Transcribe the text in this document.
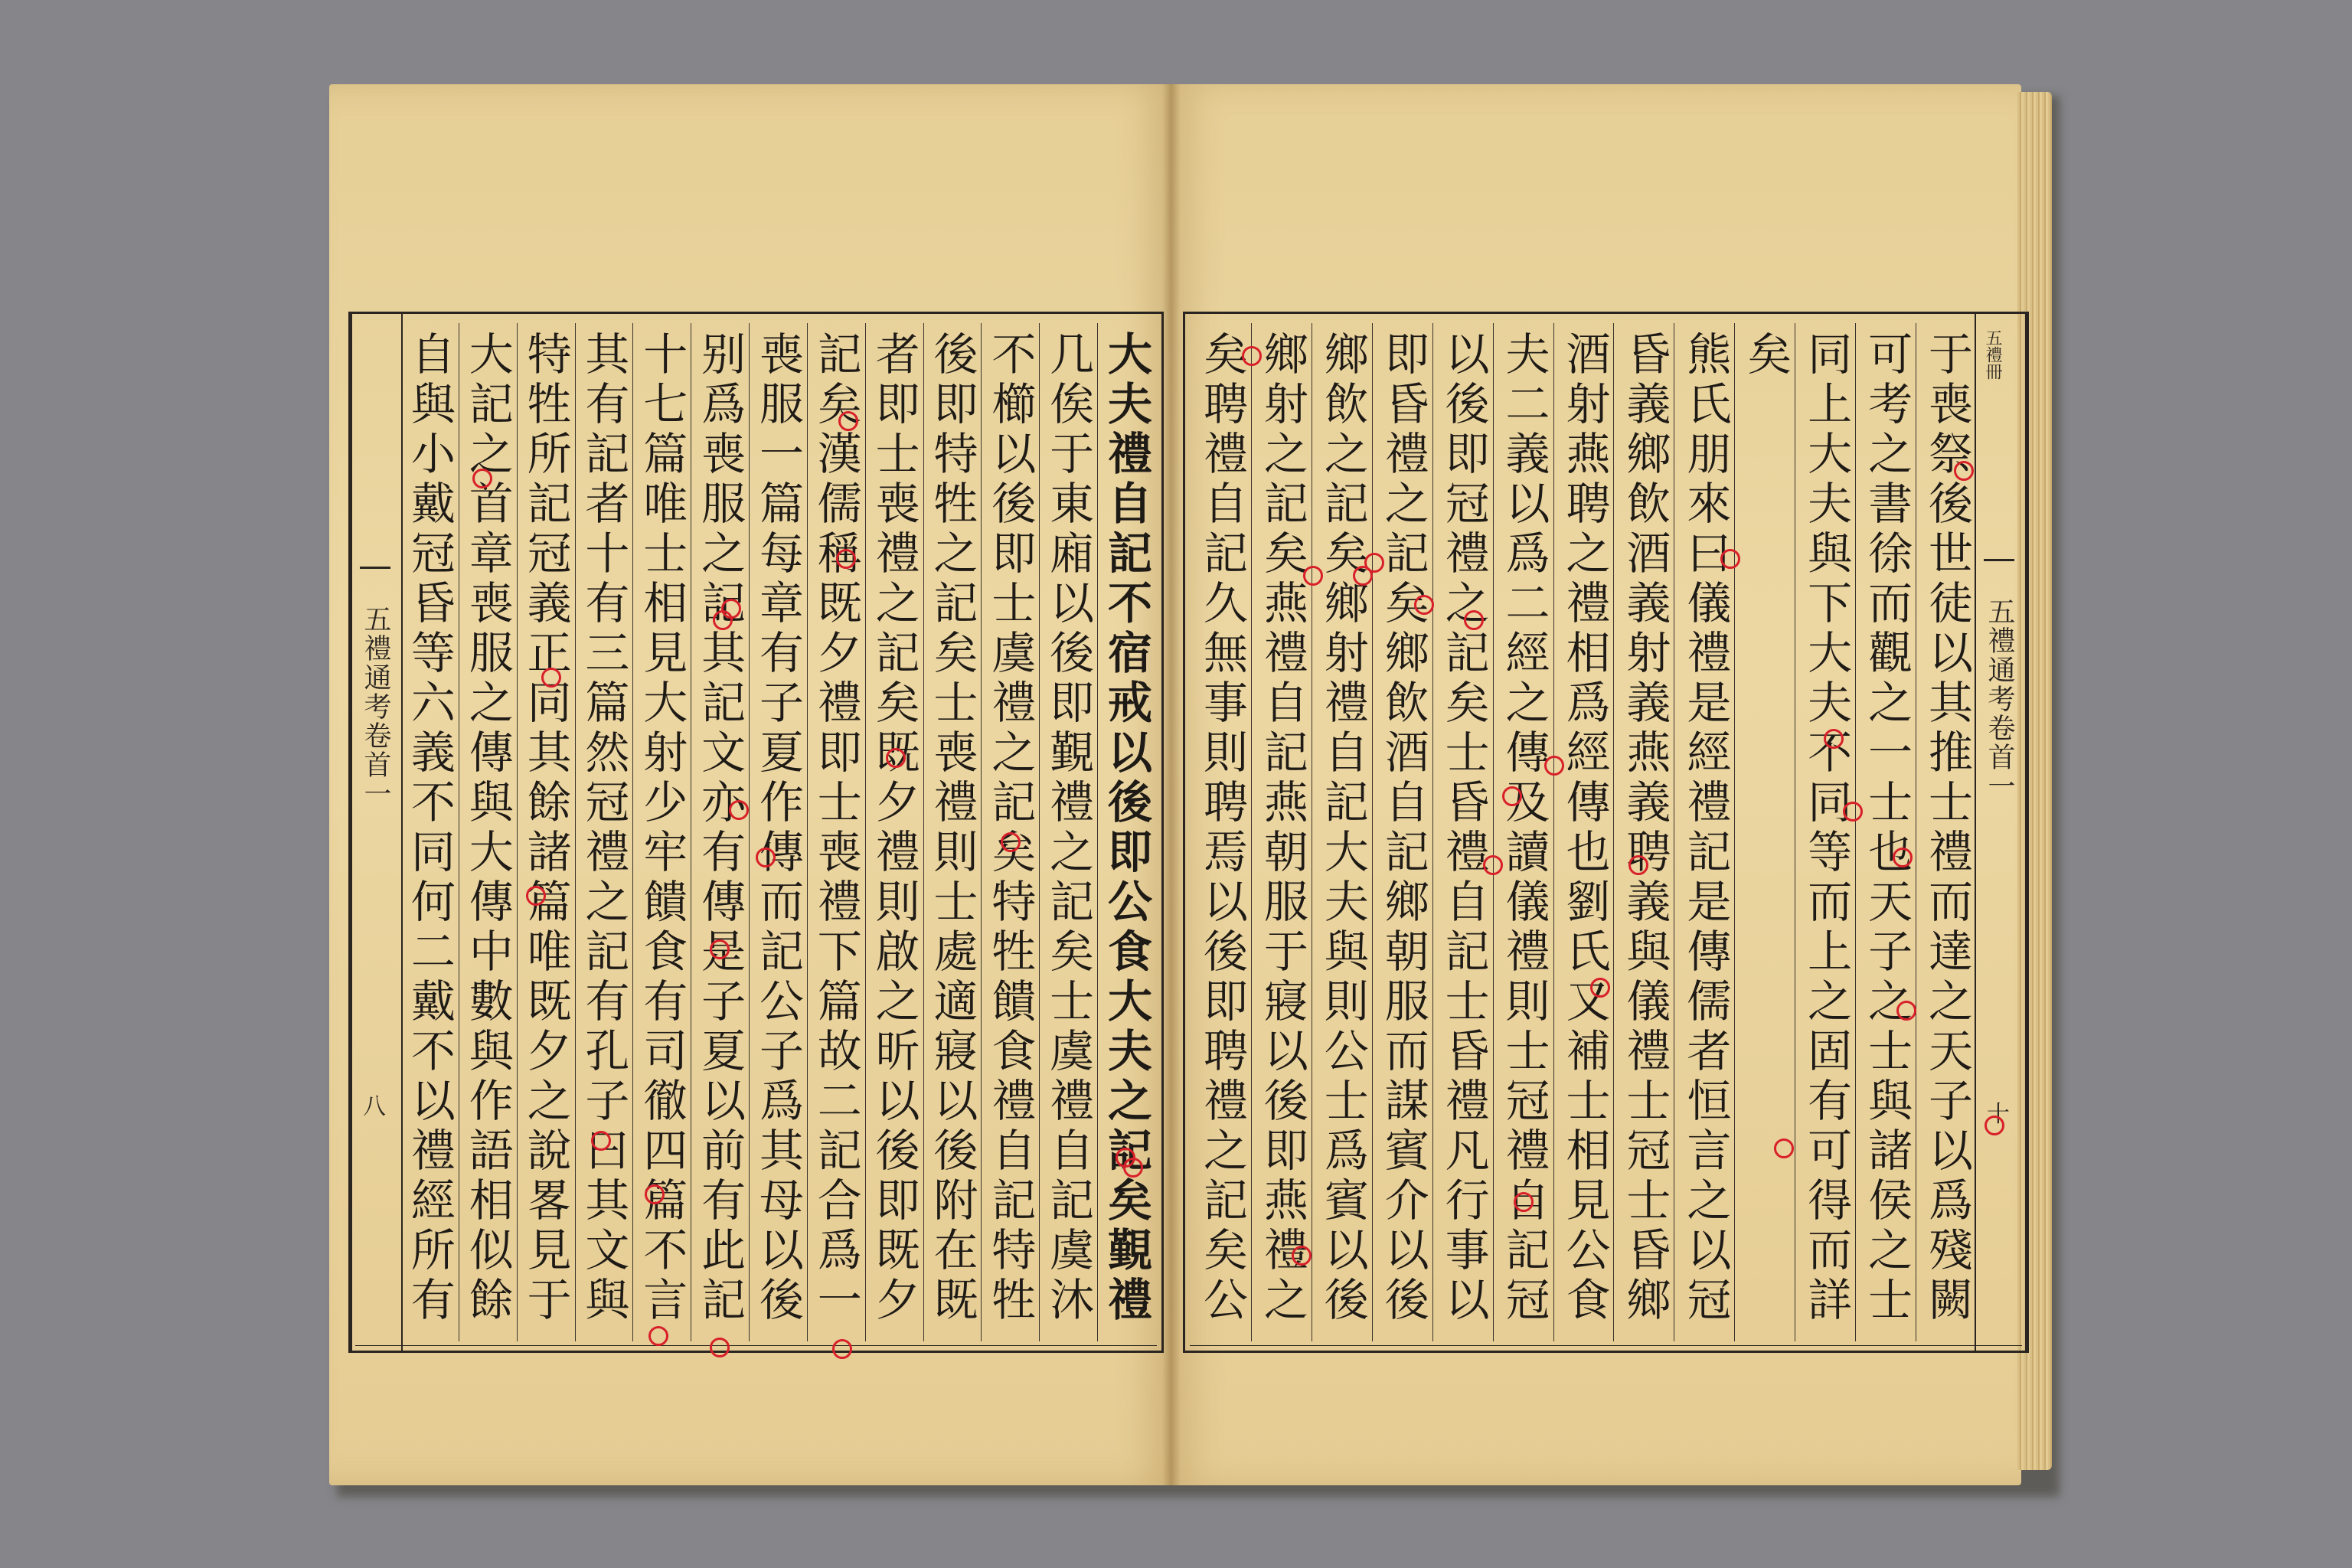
五禮通考卷首一
八
大夫禮自記不宿戒以後即公食大夫之記矣覲禮
几俟于東廂以後即覲禮之記矣士虞禮自記虞沐
不櫛以後即士虞禮之記矣特牲饋食禮自記特牲
後即特牲之記矣士喪禮則士處適寢以後附在既
者即士喪禮之記矣既夕禮則啟之昕以後即既夕
記矣漢儒稱既夕禮即士喪禮下篇故二記合爲一
喪服一篇每章有子夏作傳而記公子爲其母以後
别爲喪服之記其記文亦有傳是子夏以前有此記
十七篇唯士相見大射少牢饋食有司徹四篇不言
其有記者十有三篇然冠禮之記有孔子曰其文與
特牲所記冠義正同其餘諸篇唯既夕之說畧見于
大記之首章喪服之傳與大傳中數與作語相似餘
自與小戴冠昏等六義不同何二戴不以禮經所有
五禮冊
五禮通考卷首一
十
于喪祭後世徒以其推士禮而達之天子以爲殘闕
可考之書徐而觀之一士也天子之士與諸侯之士
同上大夫與下大夫不同等而上之固有可得而詳
矣
熊氏朋來曰儀禮是經禮記是傳儒者恒言之以冠
昏義鄉飲酒義射義燕義聘義與儀禮士冠士昏鄉
酒射燕聘之禮相爲經傳也劉氏又補士相見公食
夫二義以爲二經之傳及讀儀禮則士冠禮自記冠
以後即冠禮之記矣士昏禮自記士昏禮凡行事以
即昏禮之記矣鄉飲酒自記鄉朝服而謀賓介以後
鄉飲之記矣鄉射禮自記大夫與則公士爲賓以後
鄉射之記矣燕禮自記燕朝服于寢以後即燕禮之
矣聘禮自記久無事則聘焉以後即聘禮之記矣公
